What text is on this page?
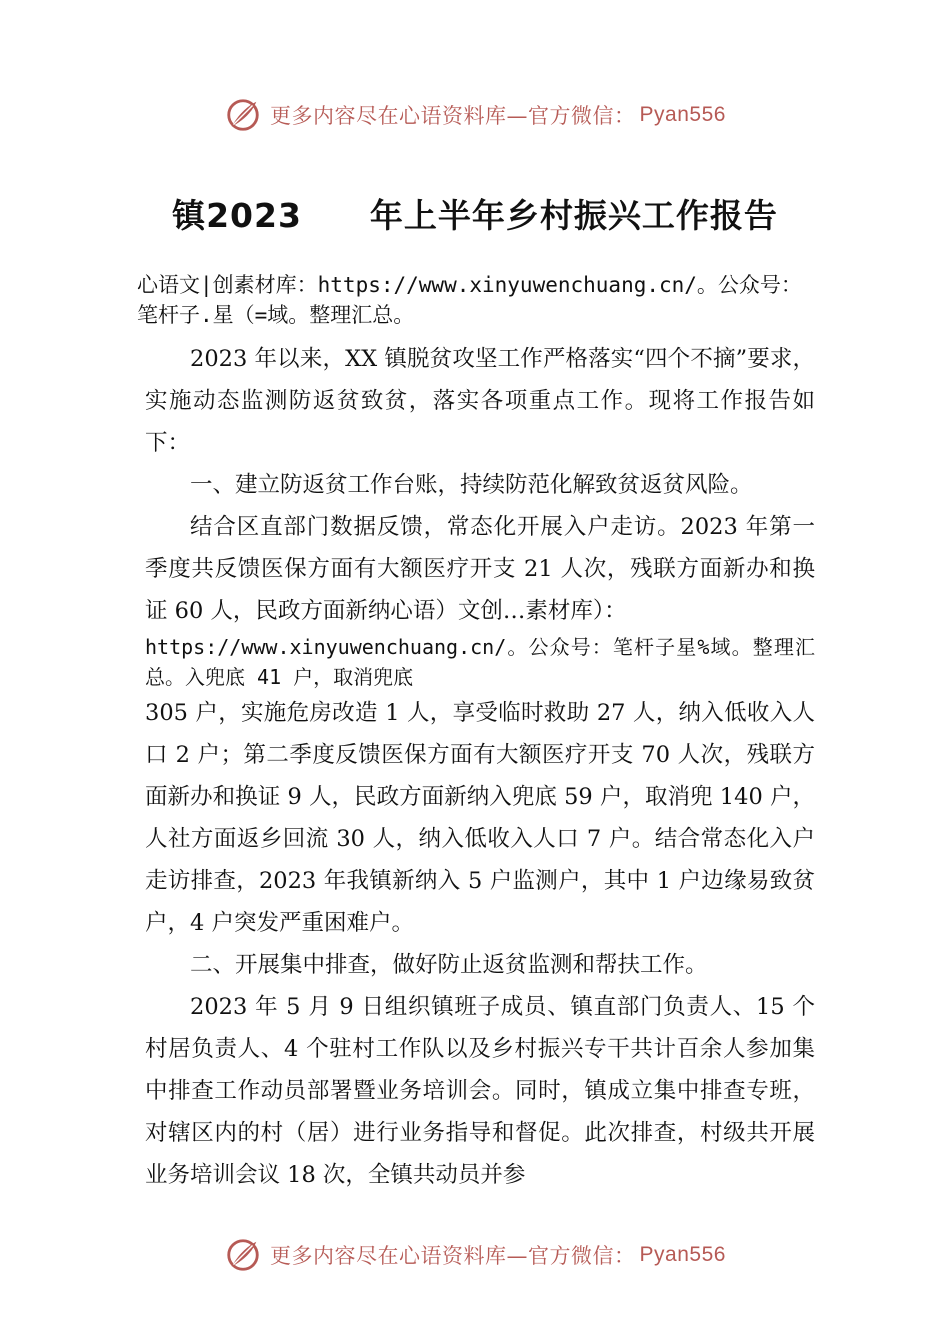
更多内容尽在心语资料库—官方微信： Pyan556
镇2023　　年上半年乡村振兴工作报告

心语文|创素材库：https://www.xinyuwenchuang.cn/。公众号：笔杆子.星（=域。整理汇总。

2023 年以来，XX 镇脱贫攻坚工作严格落实“四个不摘”要求，实施动态监测防返贫致贫，落实各项重点工作。现将工作报告如下：

一、建立防返贫工作台账，持续防范化解致贫返贫风险。

结合区直部门数据反馈，常态化开展入户走访。2023 年第一季度共反馈医保方面有大额医疗开支 21 人次，残联方面新办和换证 60 人，民政方面新纳心语）文创…素材库）：

https://www.xinyuwenchuang.cn/。公众号：笔杆子星%域。整理汇总。入兜底 41 户，取消兜底

305 户，实施危房改造 1 人，享受临时救助 27 人，纳入低收入人口 2 户；第二季度反馈医保方面有大额医疗开支 70 人次，残联方面新办和换证 9 人，民政方面新纳入兜底 59 户，取消兜 140 户，人社方面返乡回流 30 人，纳入低收入人口 7 户。结合常态化入户走访排查，2023 年我镇新纳入 5 户监测户，其中 1 户边缘易致贫户，4 户突发严重困难户。

二、开展集中排查，做好防止返贫监测和帮扶工作。

2023 年 5 月 9 日组织镇班子成员、镇直部门负责人、15 个村居负责人、4 个驻村工作队以及乡村振兴专干共计百余人参加集中排查工作动员部署暨业务培训会。同时，镇成立集中排查专班，对辖区内的村（居）进行业务指导和督促。此次排查，村级共开展业务培训会议 18 次，全镇共动员并参

更多内容尽在心语资料库—官方微信： Pyan556
